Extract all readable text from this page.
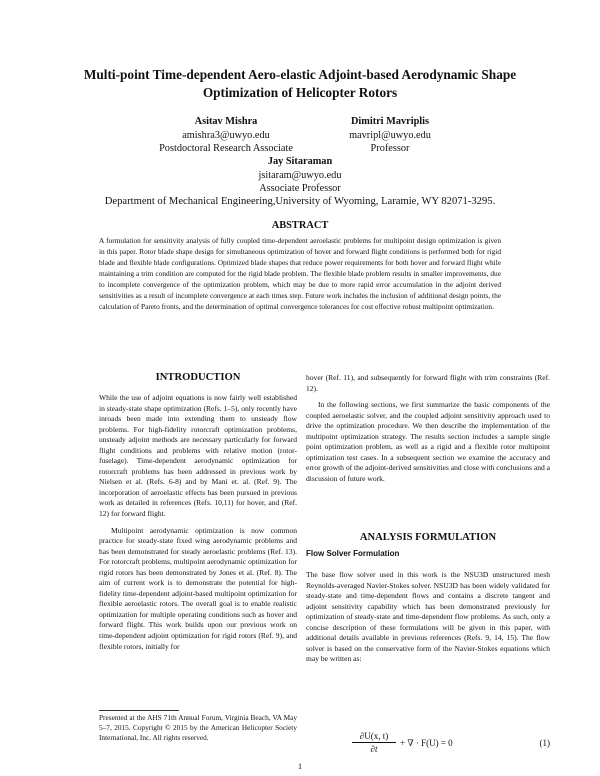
Multi-point Time-dependent Aero-elastic Adjoint-based Aerodynamic Shape
Optimization of Helicopter Rotors
Asitav Mishra
amishra3@uwyo.edu
Postdoctoral Research Associate
Dimitri Mavriplis
mavripl@uwyo.edu
Professor
Jay Sitaraman
jsitaram@uwyo.edu
Associate Professor
Department of Mechanical Engineering,University of Wyoming, Laramie, WY 82071-3295.
ABSTRACT
A formulation for sensitivity analysis of fully coupled time-dependent aeroelastic problems for multipoint design optimization is given in this paper. Rotor blade shape design for simultaneous optimization of hover and forward flight conditions is performed both for rigid blade and flexible blade configurations. Optimized blade shapes that reduce power requirements for both hover and forward flight while maintaining a trim condition are computed for the rigid blade problem. The flexible blade problem results in smaller improvements, due to incomplete convergence of the optimization problem, which may be due to more rapid error accumulation in the adjoint derived sensitivities as a result of incomplete convergence at each times step. Future work includes the inclusion of additional design points, the calculation of Pareto fronts, and the determination of optimal convergence tolerances for cost effective robust multipoint optimization.
INTRODUCTION

While the use of adjoint equations is now fairly well established in steady-state shape optimization (Refs. 1–5), only recently have inroads been made into extending them to unsteady flow problems. For high-fidelity rotorcraft optimization problems, unsteady adjoint methods are necessary particularly for forward flight conditions and problems with relative motion (rotor-fuselage). Time-dependent aerodynamic optimization for rotorcraft problems has been addressed in previous work by Nielsen et al. (Refs. 6-8) and by Mani et. al. (Ref. 9). The incorporation of aeroelastic effects has been pursued in previous work as detailed in references (Refs. 10,11) for hover, and (Ref. 12) for forward flight.

Multipoint aerodynamic optimization is now common practice for steady-state fixed wing aerodynamic problems and has been demonstrated for steady aeroelastic problems (Ref. 13). For rotorcraft problems, multipoint aerodynamic optimization for rigid rotors has been demonstrated by Jones et al. (Ref. 8). The aim of current work is to demonstrate the potential for high-fidelity time-dependent adjoint-based multipoint optimization for flexible aeroelastic rotors. The overall goal is to enable realistic optimization for multiple operating conditions such as hover and forward flight. This work builds upon our previous work on time-dependent adjoint optimization for rigid rotors (Ref. 9), and flexible rotors, initially for

Presented at the AHS 71th Annual Forum, Virginia Beach, VA May 5–7, 2015. Copyright © 2015 by the American Helicopter Society International, Inc. All rights reserved.

hover (Ref. 11), and subsequently for forward flight with trim constraints (Ref. 12).

In the following sections, we first summarize the basic components of the coupled aeroelastic solver, and the coupled adjoint sensitivity approach used to drive the optimization procedure. We then describe the implementation of the multipoint optimization strategy. The results section includes a sample single point optimization problem, as well as a rigid and a flexible rotor multipoint optimization test cases. In a subsequent section we examine the accuracy and error growth of the adjoint-derived sensitivities and close with conclusions and a discussion of future work.

ANALYSIS FORMULATION
Flow Solver Formulation
The base flow solver used in this work is the NSU3D unstructured mesh Reynolds-averaged Navier-Stokes solver. NSU3D has been widely validated for steady-state and time-dependent flows and contains a discrete tangent and adjoint sensitivity capability which has been demonstrated previously for optimization of steady-state and time-dependent flow problems. As such, only a concise description of these formulations will be given in this paper, with additional details available in previous references (Refs. 9, 14, 15). The flow solver is based on the conservative form of the Navier-Stokes equations which may be written as:
$\frac{\partial U(x, t)}{\partial t}$ + ∇ · F(U) = 0	(1)
1
